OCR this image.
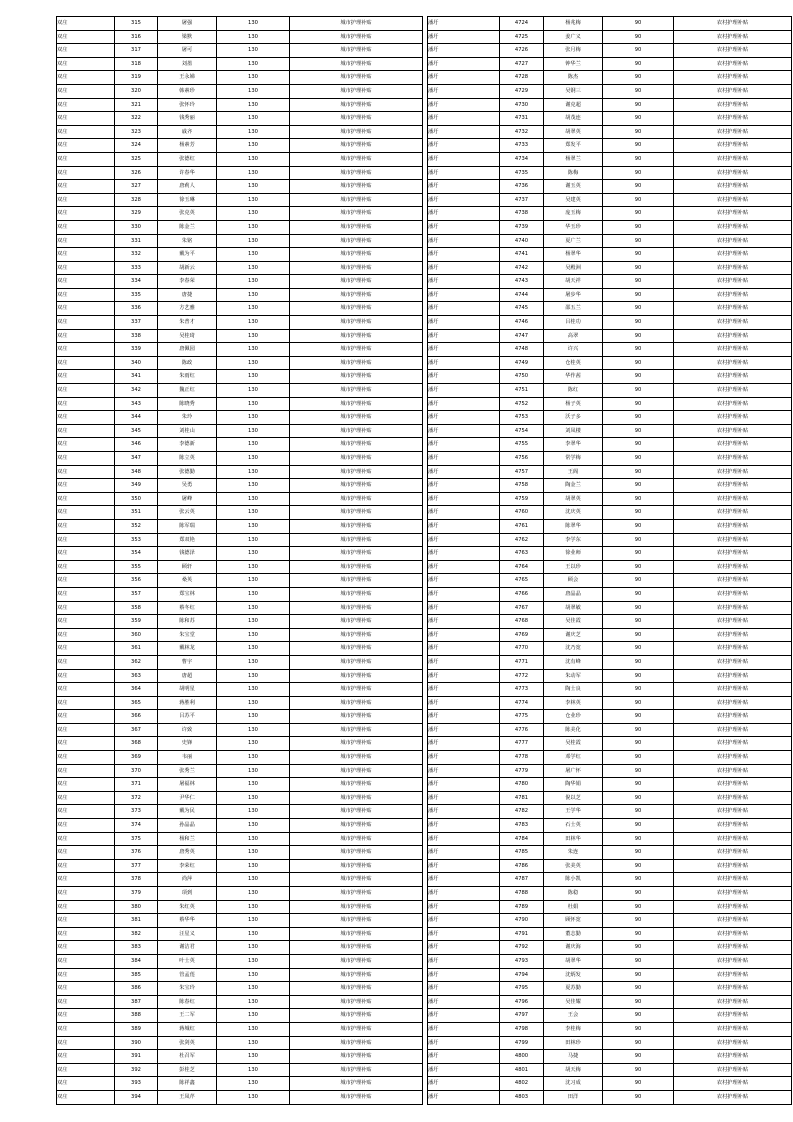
双庄	315	屠强	130	城市护理补贴
双庄	316	梁默	130	城市护理补贴
双庄	317	屠可	130	城市护理补贴
双庄	318	刘墨	130	城市护理补贴
双庄	319	王永娣	130	城市护理补贴
双庄	320	韩素珍	130	城市护理补贴
双庄	321	张怀玲	130	城市护理补贴
双庄	322	钱秀丽	130	城市护理补贴
双庄	323	戚齐	130	城市护理补贴
双庄	324	杨素芳	130	城市护理补贴
双庄	325	张德红	130	城市护理补贴
双庄	326	许春华	130	城市护理补贴
双庄	327	唐莉人	130	城市护理补贴
双庄	328	徐玉琳	130	城市护理补贴
双庄	329	张克英	130	城市护理补贴
双庄	330	陈金兰	130	城市护理补贴
双庄	331	朱铭	130	城市护理补贴
双庄	332	戴为平	130	城市护理补贴
双庄	333	胡新云	130	城市护理补贴
双庄	334	李春荣	130	城市护理补贴
双庄	335	唐捷	130	城市护理补贴
双庄	336	方艺雅	130	城市护理补贴
双庄	337	朱普才	130	城市护理补贴
双庄	338	吴桂琦	130	城市护理补贴
双庄	339	唐佩园	130	城市护理补贴
双庄	340	陈政	130	城市护理补贴
双庄	341	朱雨红	130	城市护理补贴
双庄	342	魏正红	130	城市护理补贴
双庄	343	陈晓秀	130	城市护理补贴
双庄	344	朱玲	130	城市护理补贴
双庄	345	刘桂山	130	城市护理补贴
双庄	346	李德新	130	城市护理补贴
双庄	347	陈立英	130	城市护理补贴
双庄	348	张德勤	130	城市护理补贴
双庄	349	吴勇	130	城市护理补贴
双庄	350	屠峰	130	城市护理补贴
双庄	351	张云英	130	城市护理补贴
双庄	352	陈军瑞	130	城市护理补贴
双庄	353	郑双艳	130	城市护理补贴
双庄	354	钱德泽	130	城市护理补贴
双庄	355	顾轩	130	城市护理补贴
双庄	356	桑英	130	城市护理补贴
双庄	357	郑宝林	130	城市护理补贴
双庄	358	蔡冬红	130	城市护理补贴
双庄	359	陈和苏	130	城市护理补贴
双庄	360	朱宝堂	130	城市护理补贴
双庄	361	戴林龙	130	城市护理补贴
双庄	362	曹宇	130	城市护理补贴
双庄	363	唐超	130	城市护理补贴
双庄	364	胡明星	130	城市护理补贴
双庄	365	蒋胜利	130	城市护理补贴
双庄	366	吕苏平	130	城市护理补贴
双庄	367	许致	130	城市护理补贴
双庄	368	史锋	130	城市护理补贴
双庄	369	韦丽	130	城市护理补贴
双庄	370	张秀兰	130	城市护理补贴
双庄	371	屠福林	130	城市护理补贴
双庄	372	尹华仁	130	城市护理补贴
双庄	373	戴为民	130	城市护理补贴
双庄	374	孙晶晶	130	城市护理补贴
双庄	375	杨和兰	130	城市护理补贴
双庄	376	唐秀英	130	城市护理补贴
双庄	377	李荣红	130	城市护理补贴
双庄	378	尚萍	130	城市护理补贴
双庄	379	项到	130	城市护理补贴
双庄	380	朱红英	130	城市护理补贴
双庄	381	蔡华华	130	城市护理补贴
双庄	382	汪星义	130	城市护理补贴
双庄	383	谢洁君	130	城市护理补贴
双庄	384	叶士英	130	城市护理补贴
双庄	385	管孟莲	130	城市护理补贴
双庄	386	朱宝玲	130	城市护理补贴
双庄	387	陈春红	130	城市护理补贴
双庄	388	王二军	130	城市护理补贴
双庄	389	蒋城红	130	城市护理补贴
双庄	390	张剑英	130	城市护理补贴
双庄	391	杜召军	130	城市护理补贴
双庄	392	彭桂芝	130	城市护理补贴
双庄	393	陈祥鑫	130	城市护理补贴
双庄	394	王凤芹	130	城市护理补贴
潘圩	4724	杨兆梅	90	农村护理补贴
潘圩	4725	姜广义	90	农村护理补贴
潘圩	4726	张月梅	90	农村护理补贴
潘圩	4727	钟华兰	90	农村护理补贴
潘圩	4728	陈杰	90	农村护理补贴
潘圩	4729	吴钢三	90	农村护理补贴
潘圩	4730	谢克超	90	农村护理补贴
潘圩	4731	胡茂连	90	农村护理补贴
潘圩	4732	胡翠英	90	农村护理补贴
潘圩	4733	郑发平	90	农村护理补贴
潘圩	4734	杨翠兰	90	农村护理补贴
潘圩	4735	陈梅	90	农村护理补贴
潘圩	4736	谢玉英	90	农村护理补贴
潘圩	4737	吴建英	90	农村护理补贴
潘圩	4738	庞玉梅	90	农村护理补贴
潘圩	4739	华玉珍	90	农村护理补贴
潘圩	4740	夏广兰	90	农村护理补贴
潘圩	4741	杨翠华	90	农村护理补贴
潘圩	4742	吴殿洲	90	农村护理补贴
潘圩	4743	胡天祥	90	农村护理补贴
潘圩	4744	屠步华	90	农村护理补贴
潘圩	4745	邵五兰	90	农村护理补贴
潘圩	4746	吕桂功	90	农村护理补贴
潘圩	4747	高翠	90	农村护理补贴
潘圩	4748	许兴	90	农村护理补贴
潘圩	4749	仓桂英	90	农村护理补贴
潘圩	4750	华作茜	90	农村护理补贴
潘圩	4751	陈红	90	农村护理补贴
潘圩	4752	杨子英	90	农村护理补贴
潘圩	4753	沃子多	90	农村护理补贴
潘圩	4754	刘凤楼	90	农村护理补贴
潘圩	4755	李翠华	90	农村护理补贴
潘圩	4756	常学梅	90	农村护理补贴
潘圩	4757	王阁	90	农村护理补贴
潘圩	4758	陶金兰	90	农村护理补贴
潘圩	4759	胡翠英	90	农村护理补贴
潘圩	4760	沈庆英	90	农村护理补贴
潘圩	4761	陈翠华	90	农村护理补贴
潘圩	4762	李学东	90	农村护理补贴
潘圩	4763	徐业师	90	农村护理补贴
潘圩	4764	王以珍	90	农村护理补贴
潘圩	4765	顾会	90	农村护理补贴
潘圩	4766	唐晶晶	90	农村护理补贴
潘圩	4767	胡翠敏	90	农村护理补贴
潘圩	4768	吴佳霞	90	农村护理补贴
潘圩	4769	谢庆芝	90	农村护理补贴
潘圩	4770	沈乃宽	90	农村护理补贴
潘圩	4771	沈有峰	90	农村护理补贴
潘圩	4772	朱动军	90	农村护理补贴
潘圩	4773	陶士良	90	农村护理补贴
潘圩	4774	李林英	90	农村护理补贴
潘圩	4775	仓业珍	90	农村护理补贴
潘圩	4776	陈美化	90	农村护理补贴
潘圩	4777	吴桂霞	90	农村护理补贴
潘圩	4778	邓学红	90	农村护理补贴
潘圩	4779	屠广怀	90	农村护理补贴
潘圩	4780	陶华娟	90	农村护理补贴
潘圩	4781	倪以芝	90	农村护理补贴
潘圩	4782	王学华	90	农村护理补贴
潘圩	4783	石士英	90	农村护理补贴
潘圩	4784	田林华	90	农村护理补贴
潘圩	4785	朱连	90	农村护理补贴
潘圩	4786	张美英	90	农村护理补贴
潘圩	4787	陈小凯	90	农村护理补贴
潘圩	4788	陈稳	90	农村护理补贴
潘圩	4789	杜娟	90	农村护理补贴
潘圩	4790	顾怀宽	90	农村护理补贴
潘圩	4791	董志勤	90	农村护理补贴
潘圩	4792	谢庆海	90	农村护理补贴
潘圩	4793	胡翠华	90	农村护理补贴
潘圩	4794	沈炳发	90	农村护理补贴
潘圩	4795	夏苏勤	90	农村护理补贴
潘圩	4796	吴佳耀	90	农村护理补贴
潘圩	4797	王会	90	农村护理补贴
潘圩	4798	李桂梅	90	农村护理补贴
潘圩	4799	田林珍	90	农村护理补贴
潘圩	4800	马捷	90	农村护理补贴
潘圩	4801	胡天梅	90	农村护理补贴
潘圩	4802	沈习成	90	农村护理补贴
潘圩	4803	田洋	90	农村护理补贴
